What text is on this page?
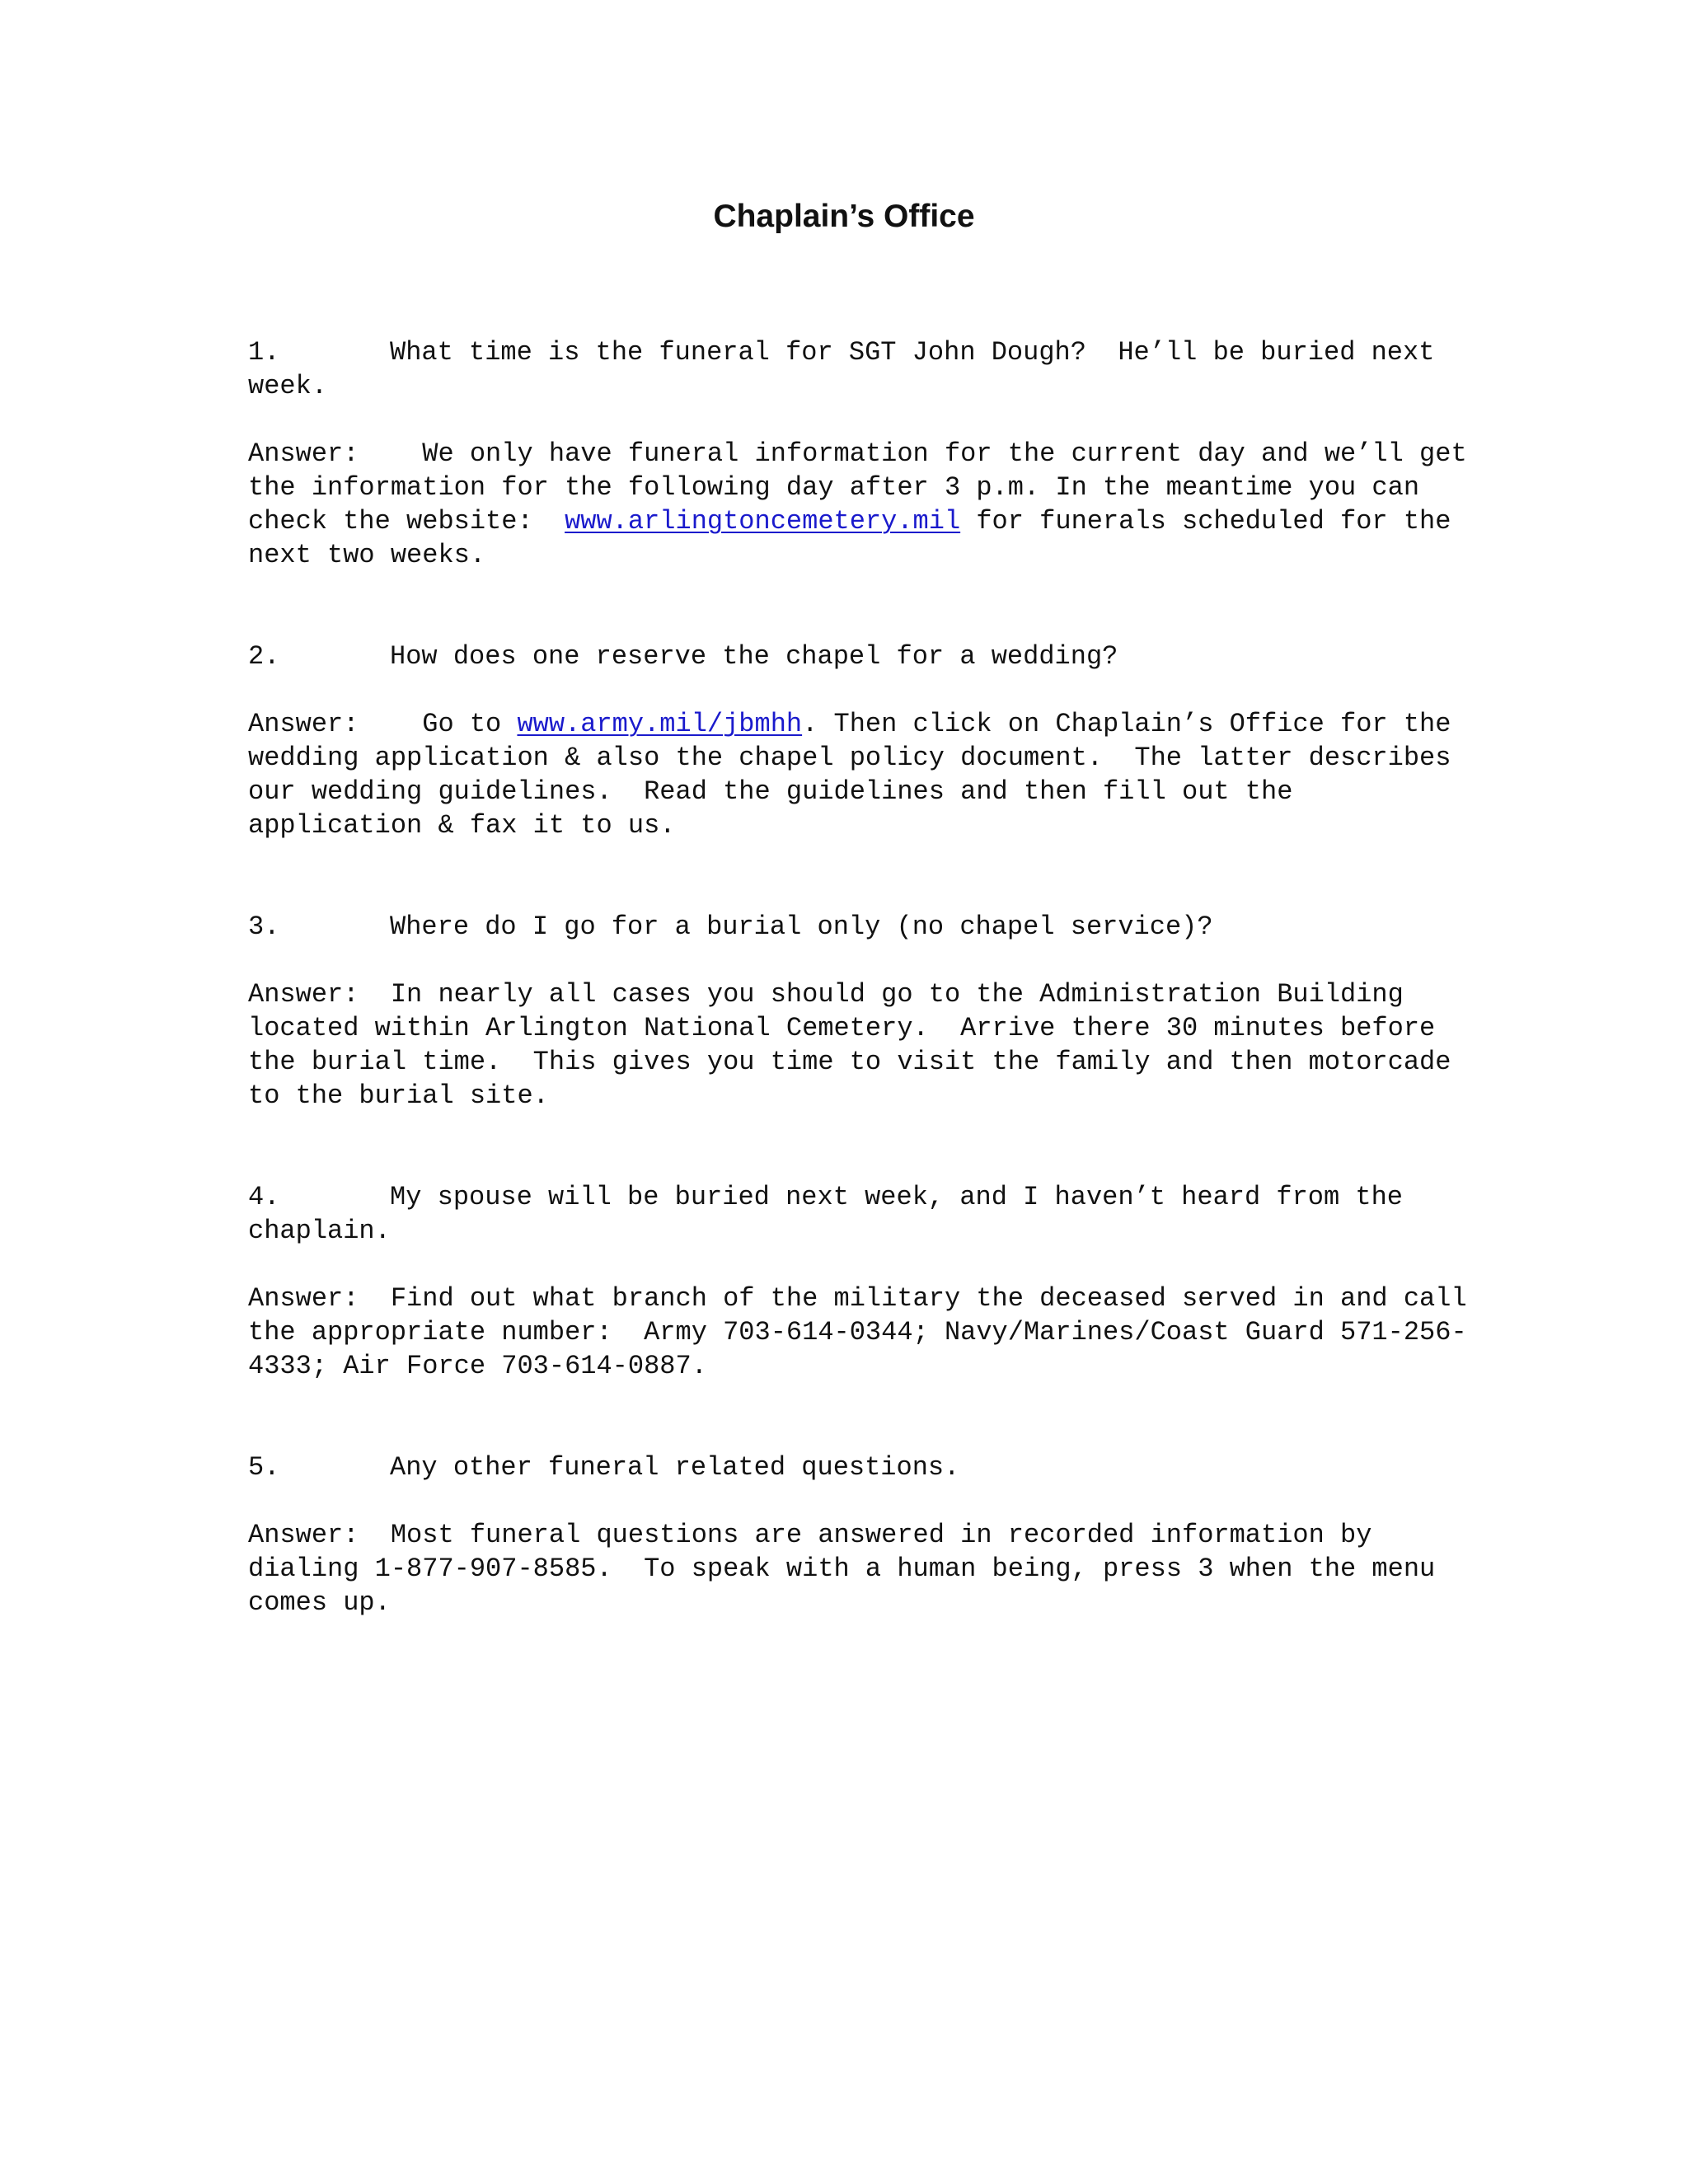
Chaplain’s Office

1.	What time is the funeral for SGT John Dough?  He’ll be buried next week.

Answer:    We only have funeral information for the current day and we’ll get the information for the following day after 3 p.m. In the meantime you can check the website:  www.arlingtoncemetery.mil for funerals scheduled for the next two weeks.

2.	How does one reserve the chapel for a wedding?

Answer:    Go to www.army.mil/jbmhh. Then click on Chaplain’s Office for the wedding application & also the chapel policy document.  The latter describes our wedding guidelines.  Read the guidelines and then fill out the application & fax it to us.

3.	Where do I go for a burial only (no chapel service)?

Answer:  In nearly all cases you should go to the Administration Building located within Arlington National Cemetery.  Arrive there 30 minutes before the burial time.  This gives you time to visit the family and then motorcade to the burial site.

4.	My spouse will be buried next week, and I haven’t heard from the chaplain.

Answer:  Find out what branch of the military the deceased served in and call the appropriate number:  Army 703-614-0344; Navy/Marines/Coast Guard 571-256-4333; Air Force 703-614-0887.

5.	Any other funeral related questions.

Answer:  Most funeral questions are answered in recorded information by dialing 1-877-907-8585.  To speak with a human being, press 3 when the menu comes up.
